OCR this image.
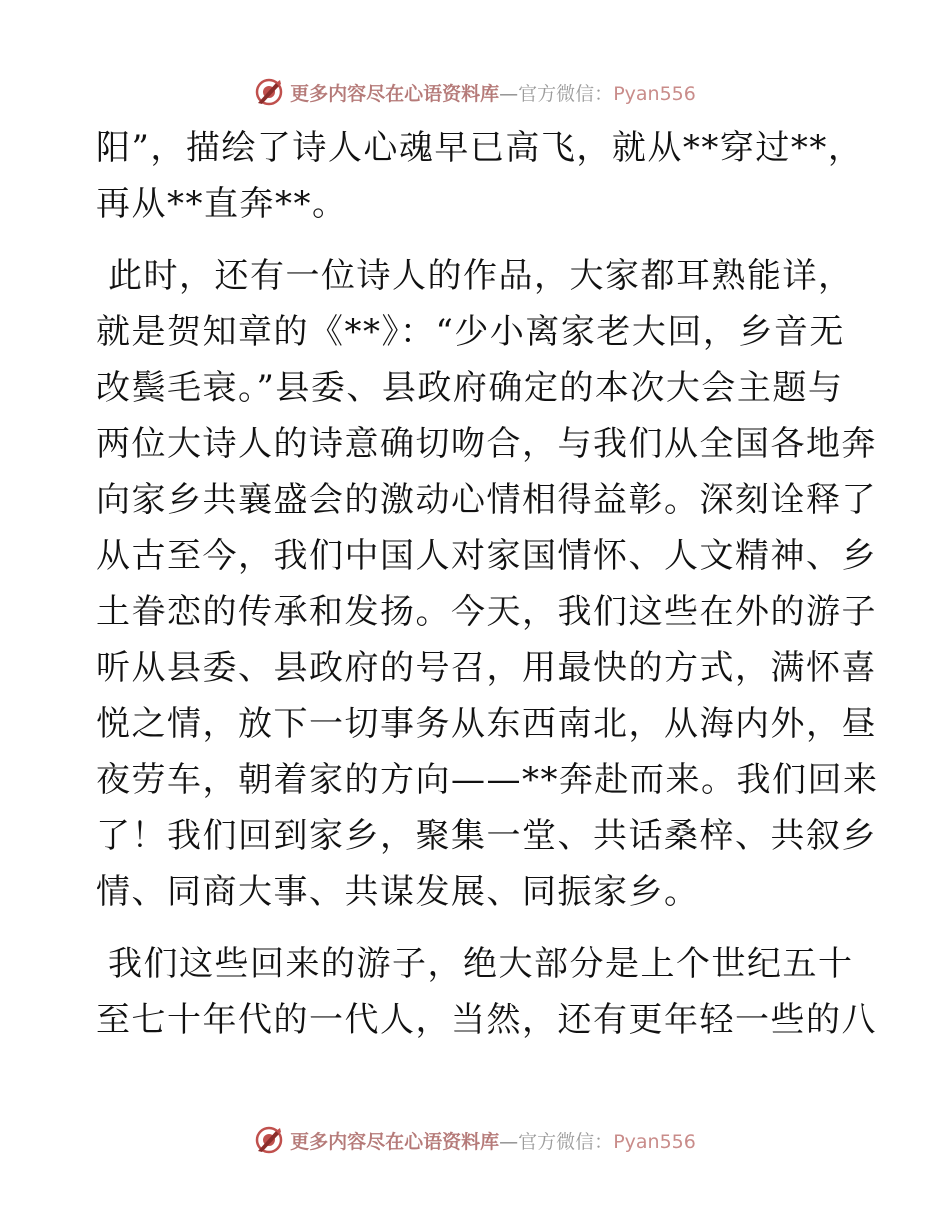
更多内容尽在心语资料库—官方微信：Pyan556
阳”，描绘了诗人心魂早已高飞，就从**穿过**，
再从**直奔**。
此时，还有一位诗人的作品，大家都耳熟能详，
就是贺知章的《**》：“少小离家老大回，乡音无
改鬓毛衰。”县委、县政府确定的本次大会主题与
两位大诗人的诗意确切吻合，与我们从全国各地奔
向家乡共襄盛会的激动心情相得益彰。深刻诠释了
从古至今，我们中国人对家国情怀、人文精神、乡
土眷恋的传承和发扬。今天，我们这些在外的游子
听从县委、县政府的号召，用最快的方式，满怀喜
悦之情，放下一切事务从东西南北，从海内外，昼
夜劳车，朝着家的方向——**奔赴而来。我们回来
了！我们回到家乡，聚集一堂、共话桑梓、共叙乡
情、同商大事、共谋发展、同振家乡。
我们这些回来的游子，绝大部分是上个世纪五十
至七十年代的一代人，当然，还有更年轻一些的八
更多内容尽在心语资料库—官方微信：Pyan556
